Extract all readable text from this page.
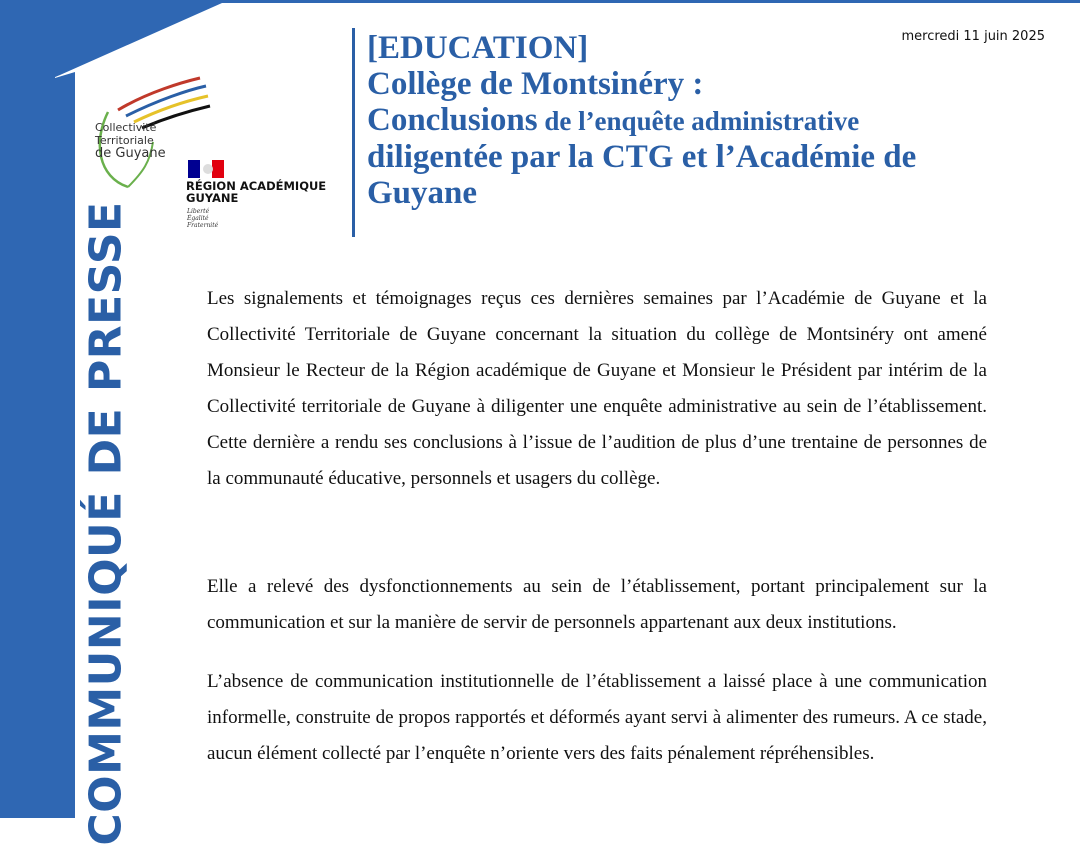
COMMUNIQUÉ DE PRESSE
Collectivité
Territoriale
de Guyane
RÉGION ACADÉMIQUE
GUYANE
Liberté
Égalité
Fraternité
[EDUCATION]
Collège de Montsinéry :
Conclusions de l’enquête administrative
diligentée par la CTG et l’Académie de
Guyane
mercredi 11 juin 2025

Les signalements et témoignages reçus ces dernières semaines par l’Académie de Guyane et la Collectivité Territoriale de Guyane concernant la situation du collège de Montsinéry ont amené Monsieur le Recteur de la Région académique de Guyane et Monsieur le Président par intérim de la Collectivité territoriale de Guyane à diligenter une enquête administrative au sein de l’établissement. Cette dernière a rendu ses conclusions à l’issue de l’audition de plus d’une trentaine de personnes de la communauté éducative, personnels et usagers du collège.

Elle a relevé des dysfonctionnements au sein de l’établissement, portant principalement sur la communication et sur la manière de servir de personnels appartenant aux deux institutions.

L’absence de communication institutionnelle de l’établissement a laissé place à une communication informelle, construite de propos rapportés et déformés ayant servi à alimenter des rumeurs. A ce stade, aucun élément collecté par l’enquête n’oriente vers des faits pénalement répréhensibles.
